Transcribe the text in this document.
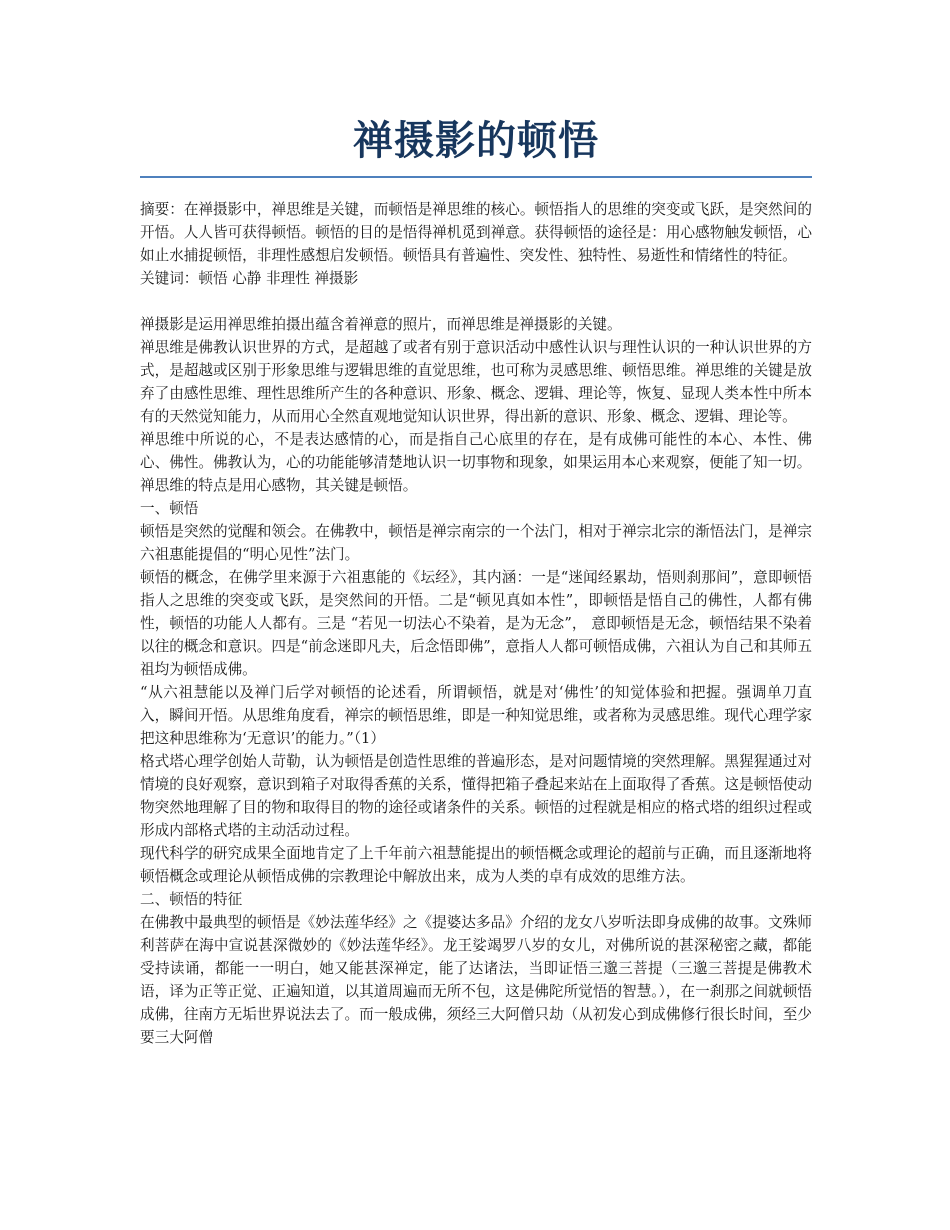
禅摄影的顿悟

摘要：在禅摄影中，禅思维是关键，而顿悟是禅思维的核心。顿悟指人的思维的突变或飞跃，是突然间的开悟。人人皆可获得顿悟。顿悟的目的是悟得禅机觅到禅意。获得顿悟的途径是：用心感物触发顿悟，心如止水捕捉顿悟，非理性感想启发顿悟。顿悟具有普遍性、突发性、独特性、易逝性和情绪性的特征。

关键词：顿悟 心静 非理性 禅摄影

禅摄影是运用禅思维拍摄出蕴含着禅意的照片，而禅思维是禅摄影的关键。

禅思维是佛教认识世界的方式，是超越了或者有别于意识活动中感性认识与理性认识的一种认识世界的方式，是超越或区别于形象思维与逻辑思维的直觉思维，也可称为灵感思维、顿悟思维。禅思维的关键是放弃了由感性思维、理性思维所产生的各种意识、形象、概念、逻辑、理论等，恢复、显现人类本性中所本有的天然觉知能力，从而用心全然直观地觉知认识世界，得出新的意识、形象、概念、逻辑、理论等。

禅思维中所说的心，不是表达感情的心，而是指自己心底里的存在，是有成佛可能性的本心、本性、佛心、佛性。佛教认为，心的功能能够清楚地认识一切事物和现象，如果运用本心来观察，便能了知一切。

禅思维的特点是用心感物，其关键是顿悟。

一、顿悟

顿悟是突然的觉醒和领会。在佛教中，顿悟是禅宗南宗的一个法门，相对于禅宗北宗的渐悟法门，是禅宗六祖惠能提倡的“明心见性”法门。

顿悟的概念，在佛学里来源于六祖惠能的《坛经》，其内涵：一是“迷闻经累劫，悟则刹那间”，意即顿悟指人之思维的突变或飞跃，是突然间的开悟。二是“顿见真如本性”，即顿悟是悟自己的佛性，人都有佛性，顿悟的功能人人都有。三是 “若见一切法心不染着，是为无念”， 意即顿悟是无念，顿悟结果不染着以往的概念和意识。四是“前念迷即凡夫，后念悟即佛”，意指人人都可顿悟成佛，六祖认为自己和其师五祖均为顿悟成佛。

“从六祖慧能以及禅门后学对顿悟的论述看，所谓顿悟，就是对‘佛性’的知觉体验和把握。强调单刀直入，瞬间开悟。从思维角度看，禅宗的顿悟思维，即是一种知觉思维，或者称为灵感思维。现代心理学家把这种思维称为‘无意识’的能力。”（1）

格式塔心理学创始人苛勒，认为顿悟是创造性思维的普遍形态，是对问题情境的突然理解。黑猩猩通过对情境的良好观察，意识到箱子对取得香蕉的关系，懂得把箱子叠起来站在上面取得了香蕉。这是顿悟使动物突然地理解了目的物和取得目的物的途径或诸条件的关系。顿悟的过程就是相应的格式塔的组织过程或形成内部格式塔的主动活动过程。

现代科学的研究成果全面地肯定了上千年前六祖慧能提出的顿悟概念或理论的超前与正确，而且逐渐地将顿悟概念或理论从顿悟成佛的宗教理论中解放出来，成为人类的卓有成效的思维方法。

二、顿悟的特征

在佛教中最典型的顿悟是《妙法莲华经》之《提婆达多品》介绍的龙女八岁听法即身成佛的故事。文殊师利菩萨在海中宣说甚深微妙的《妙法莲华经》。龙王娑竭罗八岁的女儿，对佛所说的甚深秘密之藏，都能受持读诵，都能一一明白，她又能甚深禅定，能了达诸法，当即证悟三邈三菩提（三邈三菩提是佛教术语，译为正等正觉、正遍知道，以其道周遍而无所不包，这是佛陀所觉悟的智慧。），在一刹那之间就顿悟成佛，往南方无垢世界说法去了。而一般成佛，须经三大阿僧只劫（从初发心到成佛修行很长时间，至少要三大阿僧
